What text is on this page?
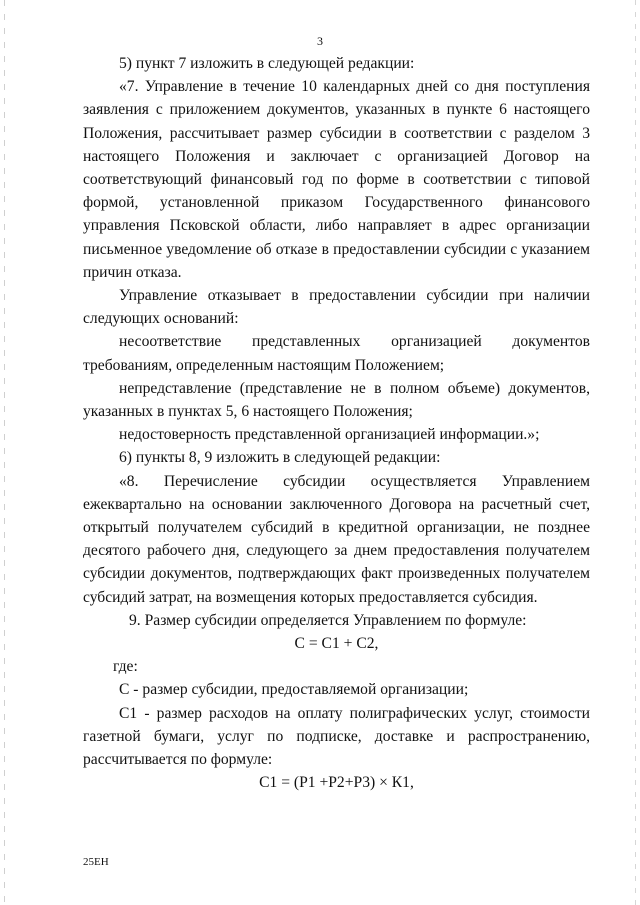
3

5) пункт 7 изложить в следующей редакции:

«7. Управление в течение 10 календарных дней со дня поступления заявления с приложением документов, указанных в пункте 6 настоящего Положения, рассчитывает размер субсидии в соответствии с разделом 3 настоящего Положения и заключает с организацией Договор на соответствующий финансовый год по форме в соответствии с типовой формой, установленной приказом Государственного финансового управления Псковской области, либо направляет в адрес организации письменное уведомление об отказе в предоставлении субсидии с указанием причин отказа.

Управление отказывает в предоставлении субсидии при наличии следующих оснований:

несоответствие представленных организацией документов требованиям, определенным настоящим Положением;

непредставление (представление не в полном объеме) документов, указанных в пунктах 5, 6 настоящего Положения;

недостоверность представленной организацией информации.»;

6) пункты 8, 9 изложить в следующей редакции:

«8. Перечисление субсидии осуществляется Управлением ежеквартально на основании заключенного Договора на расчетный счет, открытый получателем субсидий в кредитной организации, не позднее десятого рабочего дня, следующего за днем предоставления получателем субсидии документов, подтверждающих факт произведенных получателем субсидий затрат, на возмещения которых предоставляется субсидия.

9. Размер субсидии определяется Управлением по формуле:

С = С1 + С2,

где:

С - размер субсидии, предоставляемой организации;

С1 - размер расходов на оплату полиграфических услуг, стоимости газетной бумаги, услуг по подписке, доставке и распространению, рассчитывается по формуле:

С1 = (Р1 +Р2+Р3) × К1,

25ЕН
